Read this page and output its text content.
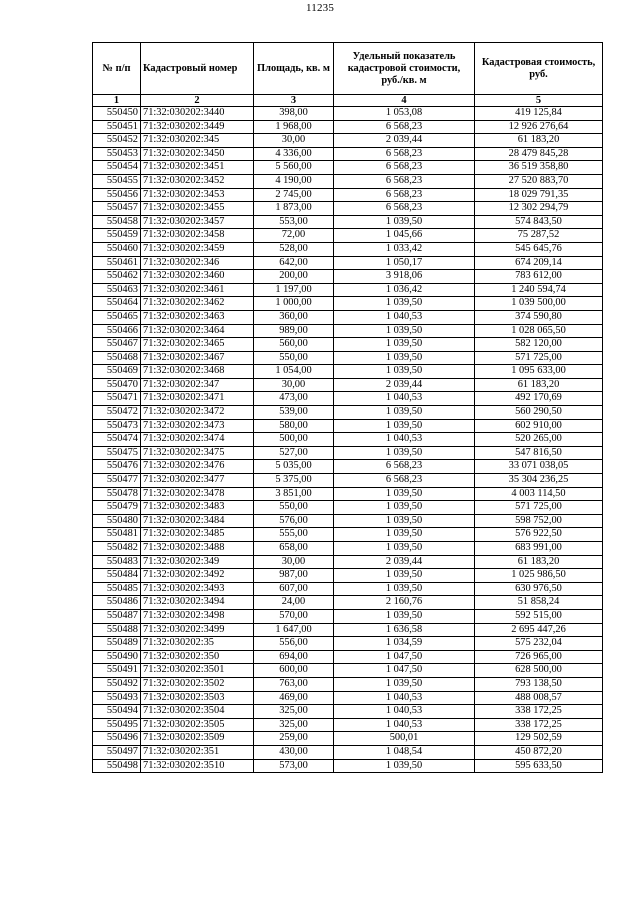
11235
№ п/п	Кадастровый номер	Площадь, кв. м	Удельный показатель кадастровой стоимости, руб./кв. м	Кадастровая стоимость, руб.
1	2	3	4	5
550450	71:32:030202:3440	398,00	1 053,08	419 125,84
550451	71:32:030202:3449	1 968,00	6 568,23	12 926 276,64
550452	71:32:030202:345	30,00	2 039,44	61 183,20
550453	71:32:030202:3450	4 336,00	6 568,23	28 479 845,28
550454	71:32:030202:3451	5 560,00	6 568,23	36 519 358,80
550455	71:32:030202:3452	4 190,00	6 568,23	27 520 883,70
550456	71:32:030202:3453	2 745,00	6 568,23	18 029 791,35
550457	71:32:030202:3455	1 873,00	6 568,23	12 302 294,79
550458	71:32:030202:3457	553,00	1 039,50	574 843,50
550459	71:32:030202:3458	72,00	1 045,66	75 287,52
550460	71:32:030202:3459	528,00	1 033,42	545 645,76
550461	71:32:030202:346	642,00	1 050,17	674 209,14
550462	71:32:030202:3460	200,00	3 918,06	783 612,00
550463	71:32:030202:3461	1 197,00	1 036,42	1 240 594,74
550464	71:32:030202:3462	1 000,00	1 039,50	1 039 500,00
550465	71:32:030202:3463	360,00	1 040,53	374 590,80
550466	71:32:030202:3464	989,00	1 039,50	1 028 065,50
550467	71:32:030202:3465	560,00	1 039,50	582 120,00
550468	71:32:030202:3467	550,00	1 039,50	571 725,00
550469	71:32:030202:3468	1 054,00	1 039,50	1 095 633,00
550470	71:32:030202:347	30,00	2 039,44	61 183,20
550471	71:32:030202:3471	473,00	1 040,53	492 170,69
550472	71:32:030202:3472	539,00	1 039,50	560 290,50
550473	71:32:030202:3473	580,00	1 039,50	602 910,00
550474	71:32:030202:3474	500,00	1 040,53	520 265,00
550475	71:32:030202:3475	527,00	1 039,50	547 816,50
550476	71:32:030202:3476	5 035,00	6 568,23	33 071 038,05
550477	71:32:030202:3477	5 375,00	6 568,23	35 304 236,25
550478	71:32:030202:3478	3 851,00	1 039,50	4 003 114,50
550479	71:32:030202:3483	550,00	1 039,50	571 725,00
550480	71:32:030202:3484	576,00	1 039,50	598 752,00
550481	71:32:030202:3485	555,00	1 039,50	576 922,50
550482	71:32:030202:3488	658,00	1 039,50	683 991,00
550483	71:32:030202:349	30,00	2 039,44	61 183,20
550484	71:32:030202:3492	987,00	1 039,50	1 025 986,50
550485	71:32:030202:3493	607,00	1 039,50	630 976,50
550486	71:32:030202:3494	24,00	2 160,76	51 858,24
550487	71:32:030202:3498	570,00	1 039,50	592 515,00
550488	71:32:030202:3499	1 647,00	1 636,58	2 695 447,26
550489	71:32:030202:35	556,00	1 034,59	575 232,04
550490	71:32:030202:350	694,00	1 047,50	726 965,00
550491	71:32:030202:3501	600,00	1 047,50	628 500,00
550492	71:32:030202:3502	763,00	1 039,50	793 138,50
550493	71:32:030202:3503	469,00	1 040,53	488 008,57
550494	71:32:030202:3504	325,00	1 040,53	338 172,25
550495	71:32:030202:3505	325,00	1 040,53	338 172,25
550496	71:32:030202:3509	259,00	500,01	129 502,59
550497	71:32:030202:351	430,00	1 048,54	450 872,20
550498	71:32:030202:3510	573,00	1 039,50	595 633,50
